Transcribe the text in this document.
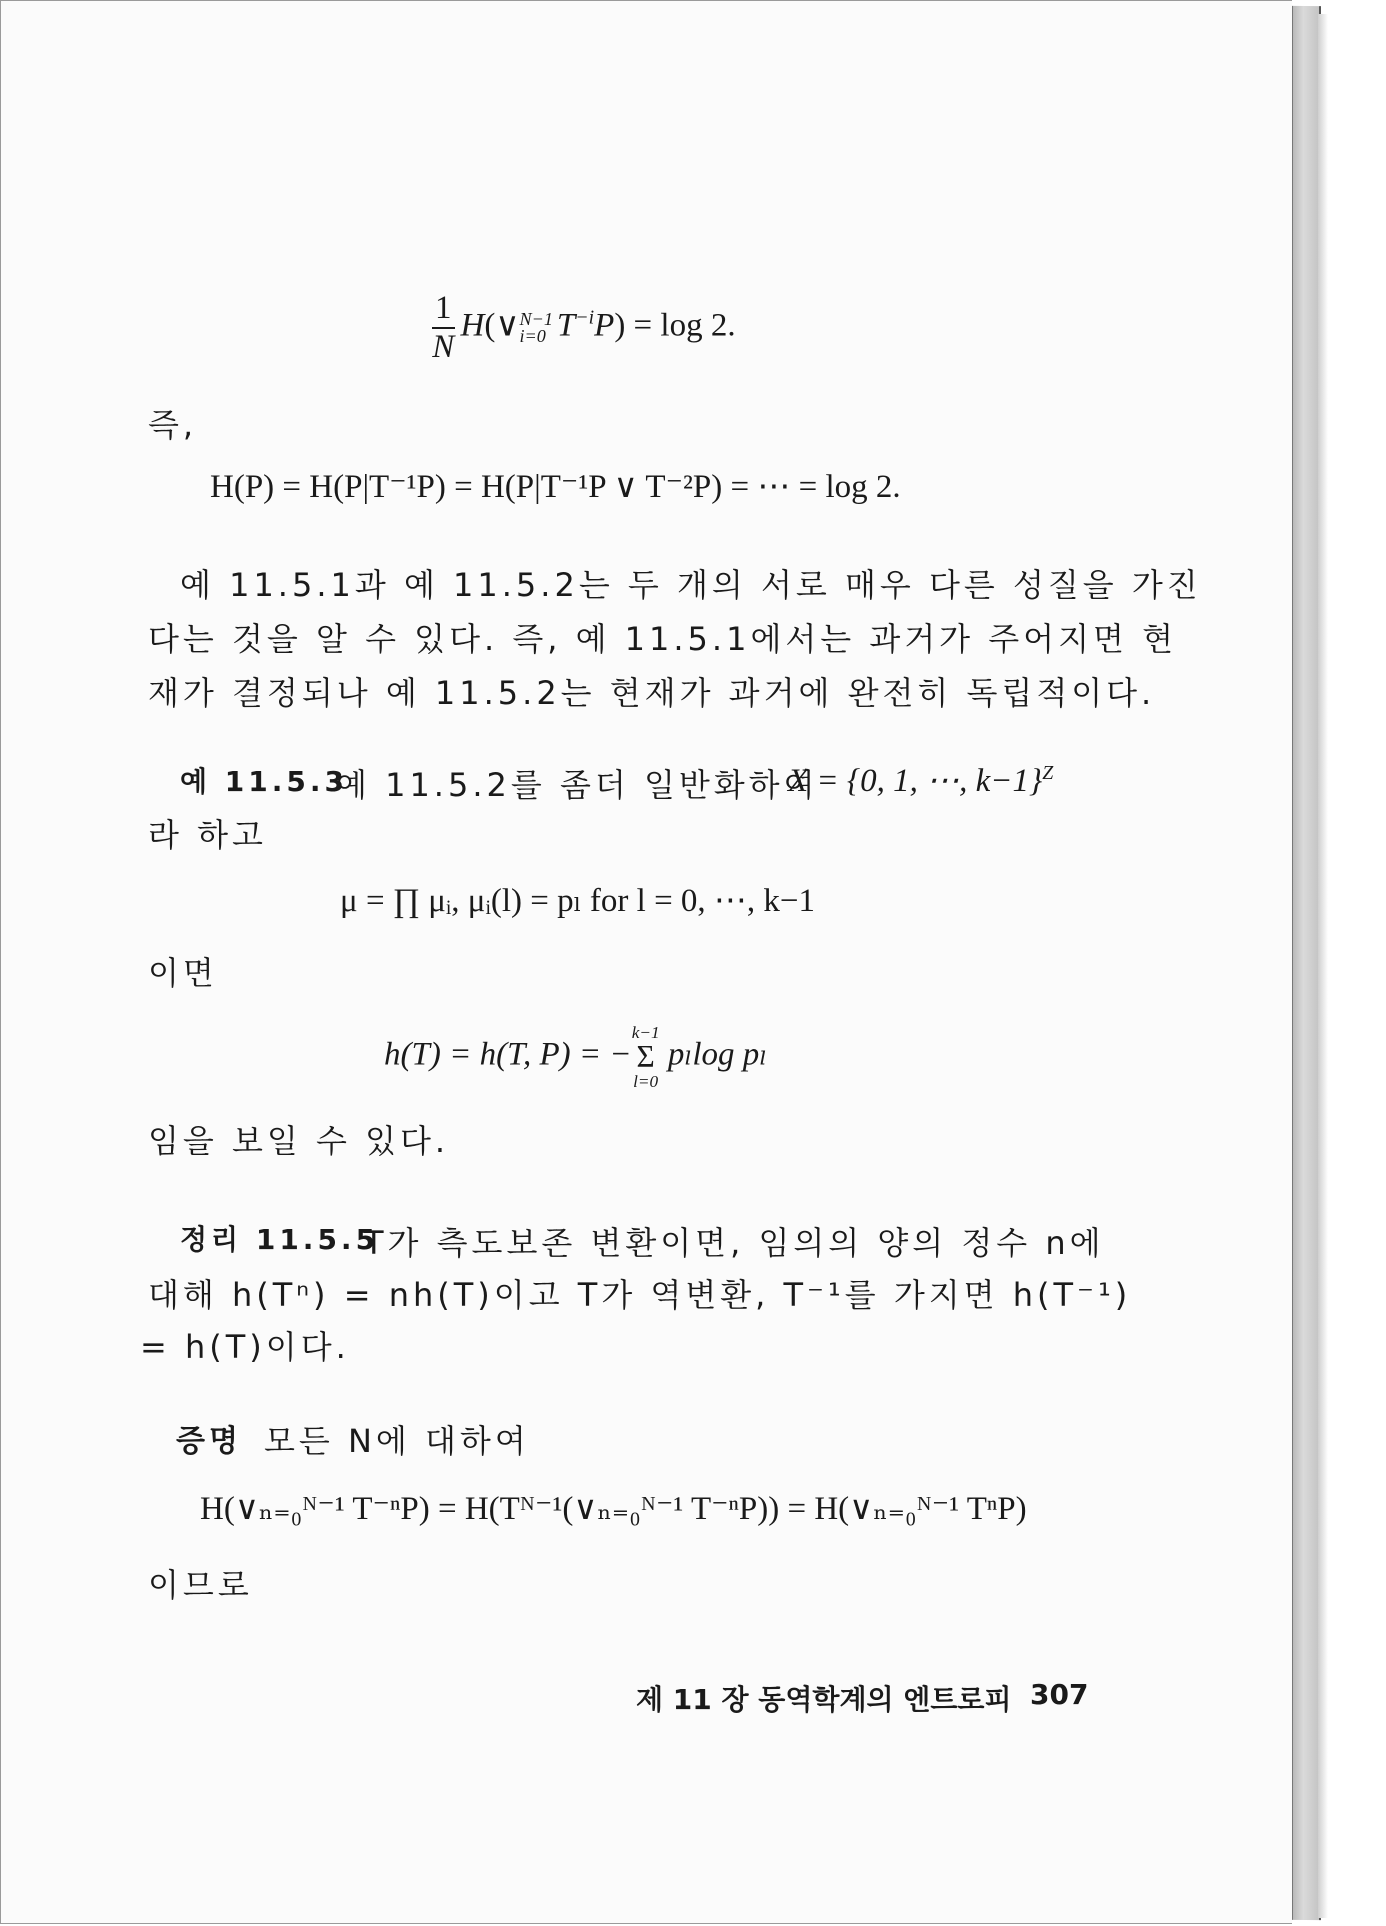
$\frac{1}{N}$ H(∨ N−1
i=0 $T^{-i}P) = \log 2$.
즉,
H(P) = H(P|T⁻¹P) = H(P|T⁻¹P ∨ T⁻²P) = ⋯ = log 2.
예 11.5.1과 예 11.5.2는 두 개의 서로 매우 다른 성질을 가진
다는 것을 알 수 있다. 즉, 예 11.5.1에서는 과거가 주어지면 현
재가 결정되나 예 11.5.2는 현재가 과거에 완전히 독립적이다.
예 11.5.3
예 11.5.2를 좀더 일반화하여
X = {0, 1, ⋯, k−1}$^Z$
라 하고
μ = ∏ μᵢ, μᵢ(l) = pₗ for l = 0, ⋯, k−1
이면
h(T) = h(T, P) = −
k−1
Σ
l=0
pₗlog pₗ
임을 보일 수 있다.
정리 11.5.5
T가 측도보존 변환이면, 임의의 양의 정수 n에
대해 h(Tⁿ) = nh(T)이고 T가 역변환, T⁻¹를 가지면 h(T⁻¹)
= h(T)이다.
증명 모든 N에 대하여
H(∨ₙ₌₀ᴺ⁻¹ T⁻ⁿP) = H(Tᴺ⁻¹(∨ₙ₌₀ᴺ⁻¹ T⁻ⁿP)) = H(∨ₙ₌₀ᴺ⁻¹ TⁿP)
이므로
제 11 장 동역학계의 엔트로피 307
